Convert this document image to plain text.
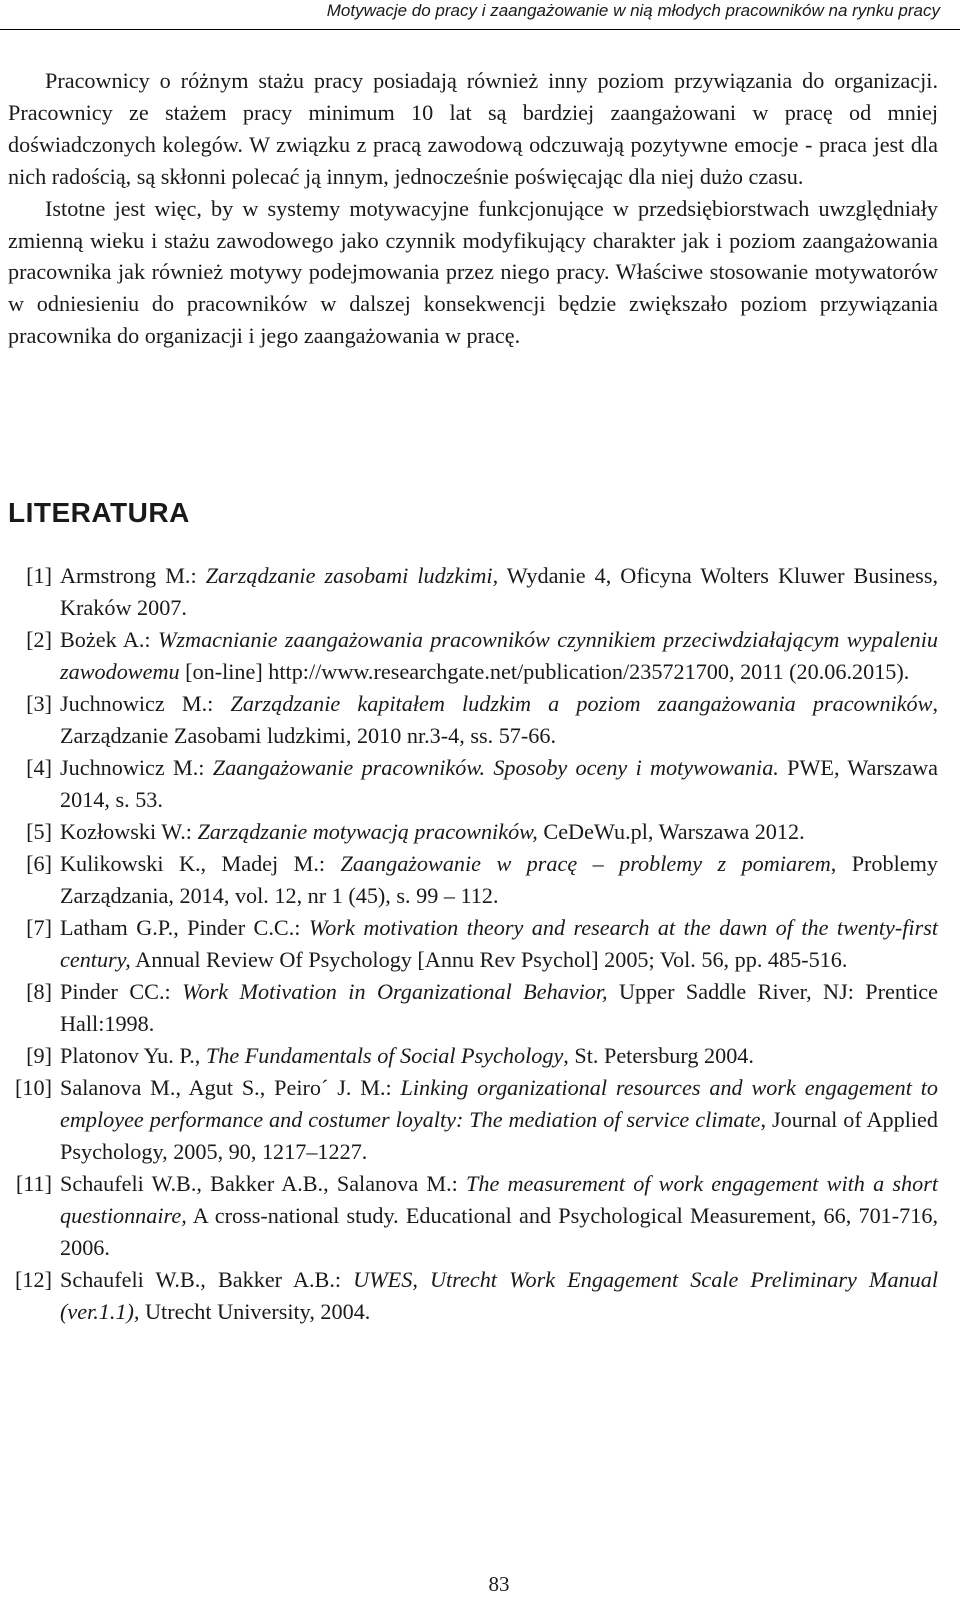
Motywacje do pracy i zaangażowanie w nią młodych pracowników na rynku pracy

Pracownicy o różnym stażu pracy posiadają również inny poziom przywiązania do organizacji. Pracownicy ze stażem pracy minimum 10 lat są bardziej zaangażowani w pracę od mniej doświadczonych kolegów. W związku z pracą zawodową odczuwają pozytywne emocje - praca jest dla nich radością, są skłonni polecać ją innym, jednocześnie poświęcając dla niej dużo czasu.

Istotne jest więc, by w systemy motywacyjne funkcjonujące w przedsiębiorstwach uwzględniały zmienną wieku i stażu zawodowego jako czynnik modyfikujący charakter jak i poziom zaangażowania pracownika jak również motywy podejmowania przez niego pracy. Właściwe stosowanie motywatorów w odniesieniu do pracowników w dalszej konsekwencji będzie zwiększało poziom przywiązania pracownika do organizacji i jego zaangażowania w pracę.

LITERATURA
[1] Armstrong M.: Zarządzanie zasobami ludzkimi, Wydanie 4, Oficyna Wolters Kluwer Business, Kraków 2007.
[2] Bożek A.: Wzmacnianie zaangażowania pracowników czynnikiem przeciwdziałającym wypaleniu zawodowemu [on-line] http://www.researchgate.net/publication/235721700, 2011 (20.06.2015).
[3] Juchnowicz M.: Zarządzanie kapitałem ludzkim a poziom zaangażowania pracowników, Zarządzanie Zasobami ludzkimi, 2010 nr.3-4, ss. 57-66.
[4] Juchnowicz M.: Zaangażowanie pracowników. Sposoby oceny i motywowania. PWE, Warszawa 2014, s. 53.
[5] Kozłowski W.: Zarządzanie motywacją pracowników, CeDeWu.pl, Warszawa 2012.
[6] Kulikowski K., Madej M.: Zaangażowanie w pracę – problemy z pomiarem, Problemy Zarządzania, 2014, vol. 12, nr 1 (45), s. 99 – 112.
[7] Latham G.P., Pinder C.C.: Work motivation theory and research at the dawn of the twenty-first century, Annual Review Of Psychology [Annu Rev Psychol] 2005; Vol. 56, pp. 485-516.
[8] Pinder CC.: Work Motivation in Organizational Behavior, Upper Saddle River, NJ: Prentice Hall:1998.
[9] Platonov Yu. P., The Fundamentals of Social Psychology, St. Petersburg 2004.
[10] Salanova M., Agut S., Peiro´ J. M.: Linking organizational resources and work engagement to employee performance and costumer loyalty: The mediation of service climate, Journal of Applied Psychology, 2005, 90, 1217–1227.
[11] Schaufeli W.B., Bakker A.B., Salanova M.: The measurement of work engagement with a short questionnaire, A cross-national study. Educational and Psychological Measurement, 66, 701-716, 2006.
[12] Schaufeli W.B., Bakker A.B.: UWES, Utrecht Work Engagement Scale Preliminary Manual (ver.1.1), Utrecht University, 2004.
83
